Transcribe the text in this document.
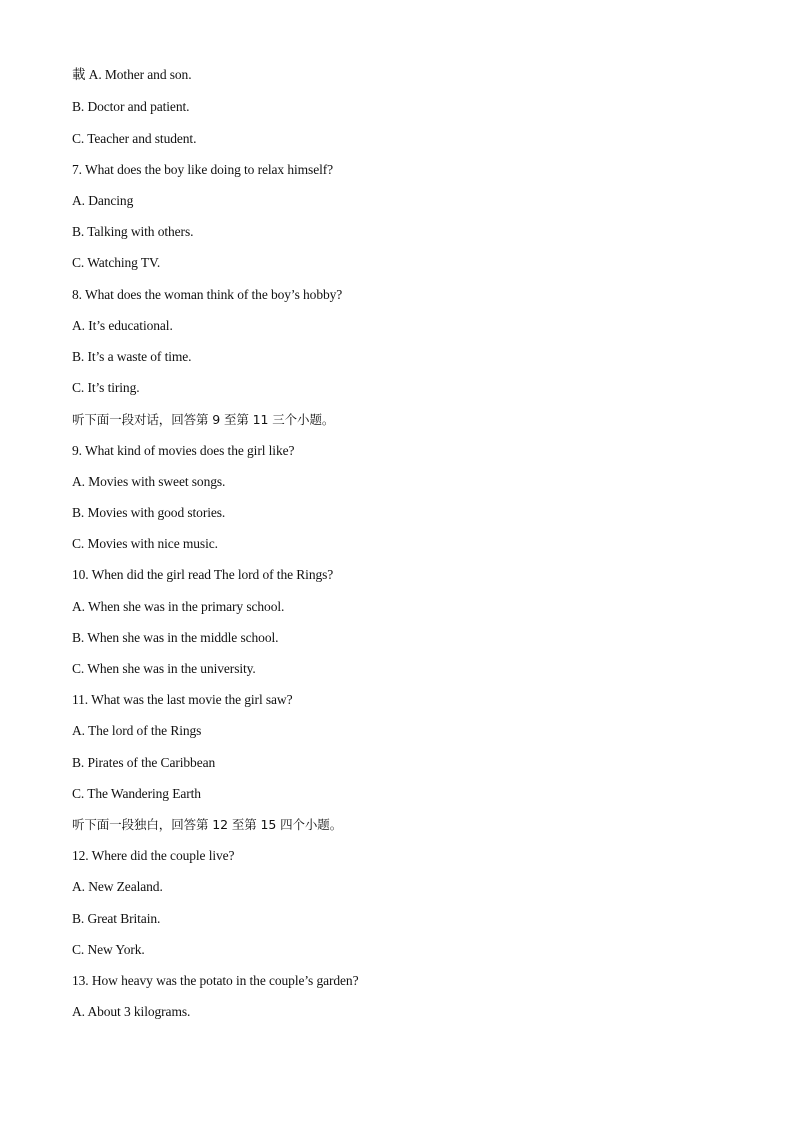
載 A. Mother and son.
B. Doctor and patient.
C. Teacher and student.
7. What does the boy like doing to relax himself?
A. Dancing
B. Talking with others.
C. Watching TV.
8. What does the woman think of the boy’s hobby?
A. It’s educational.
B. It’s a waste of time.
C. It’s tiring.
听下面一段对话，回答第 9 至第 11 三个小题。
9. What kind of movies does the girl like?
A. Movies with sweet songs.
B. Movies with good stories.
C. Movies with nice music.
10. When did the girl read The lord of the Rings?
A. When she was in the primary school.
B. When she was in the middle school.
C. When she was in the university.
11. What was the last movie the girl saw?
A. The lord of the Rings
B. Pirates of the Caribbean
C. The Wandering Earth
听下面一段独白，回答第 12 至第 15 四个小题。
12. Where did the couple live?
A. New Zealand.
B. Great Britain.
C. New York.
13. How heavy was the potato in the couple’s garden?
A. About 3 kilograms.
